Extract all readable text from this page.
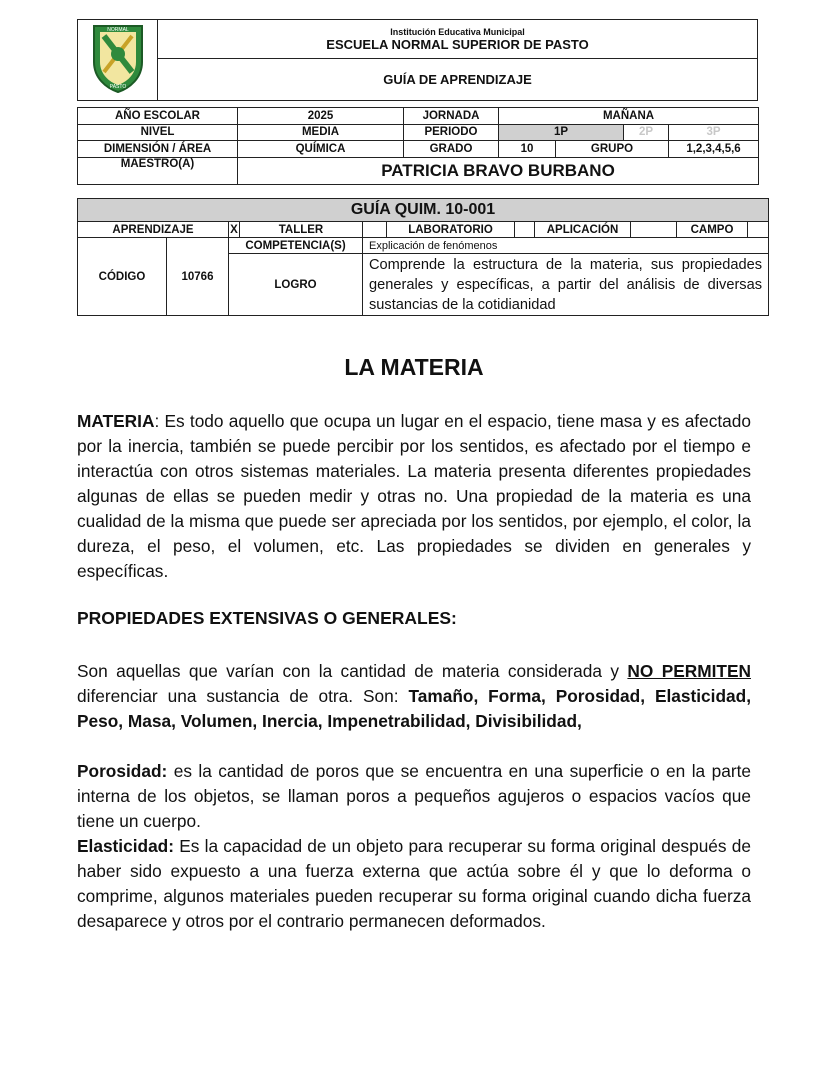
NORMAL
PASTO

Institución Educativa Municipal
ESCUELA NORMAL SUPERIOR DE PASTO

GUÍA DE APRENDIZAJE
AÑO ESCOLAR	2025	JORNADA	MAÑANA			
NIVEL	MEDIA	PERIODO	1P		2P	3P
DIMENSIÓN / ÁREA	QUÍMICA	GRADO	10	GRUPO		1,2,3,4,5,6
MAESTRO(A)	PATRICIA BRAVO BURBANO					
GUÍA QUIM. 10-001										
APRENDIZAJE		X	TALLER		LABORATORIO		APLICACIÓN		CAMPO	
CÓDIGO	10766	COMPETENCIA(S)		Explicación de fenómenos						
		LOGRO		Comprende la estructura de la materia, sus propiedades generales y específicas, a partir del análisis de diversas sustancias de la cotidianidad						
LA MATERIA

MATERIA: Es todo aquello que ocupa un lugar en el espacio, tiene masa y es afectado por la inercia, también se puede percibir por los sentidos, es afectado por el tiempo e interactúa con otros sistemas materiales. La materia presenta diferentes propiedades algunas de ellas se pueden medir y otras no. Una propiedad de la materia es una cualidad de la misma que puede ser apreciada por los sentidos, por ejemplo, el color, la dureza, el peso, el volumen, etc. Las propiedades se dividen en generales y específicas.

PROPIEDADES EXTENSIVAS O GENERALES:

Son aquellas que varían con la cantidad de materia considerada y NO PERMITEN diferenciar una sustancia de otra. Son: Tamaño, Forma, Porosidad, Elasticidad, Peso, Masa, Volumen, Inercia, Impenetrabilidad, Divisibilidad,

Porosidad: es la cantidad de poros que se encuentra en una superficie o en la parte interna de los objetos, se llaman poros a pequeños agujeros o espacios vacíos que tiene un cuerpo.

Elasticidad: Es la capacidad de un objeto para recuperar su forma original después de haber sido expuesto a una fuerza externa que actúa sobre él y que lo deforma o comprime, algunos materiales pueden recuperar su forma original cuando dicha fuerza desaparece y otros por el contrario permanecen deformados.
